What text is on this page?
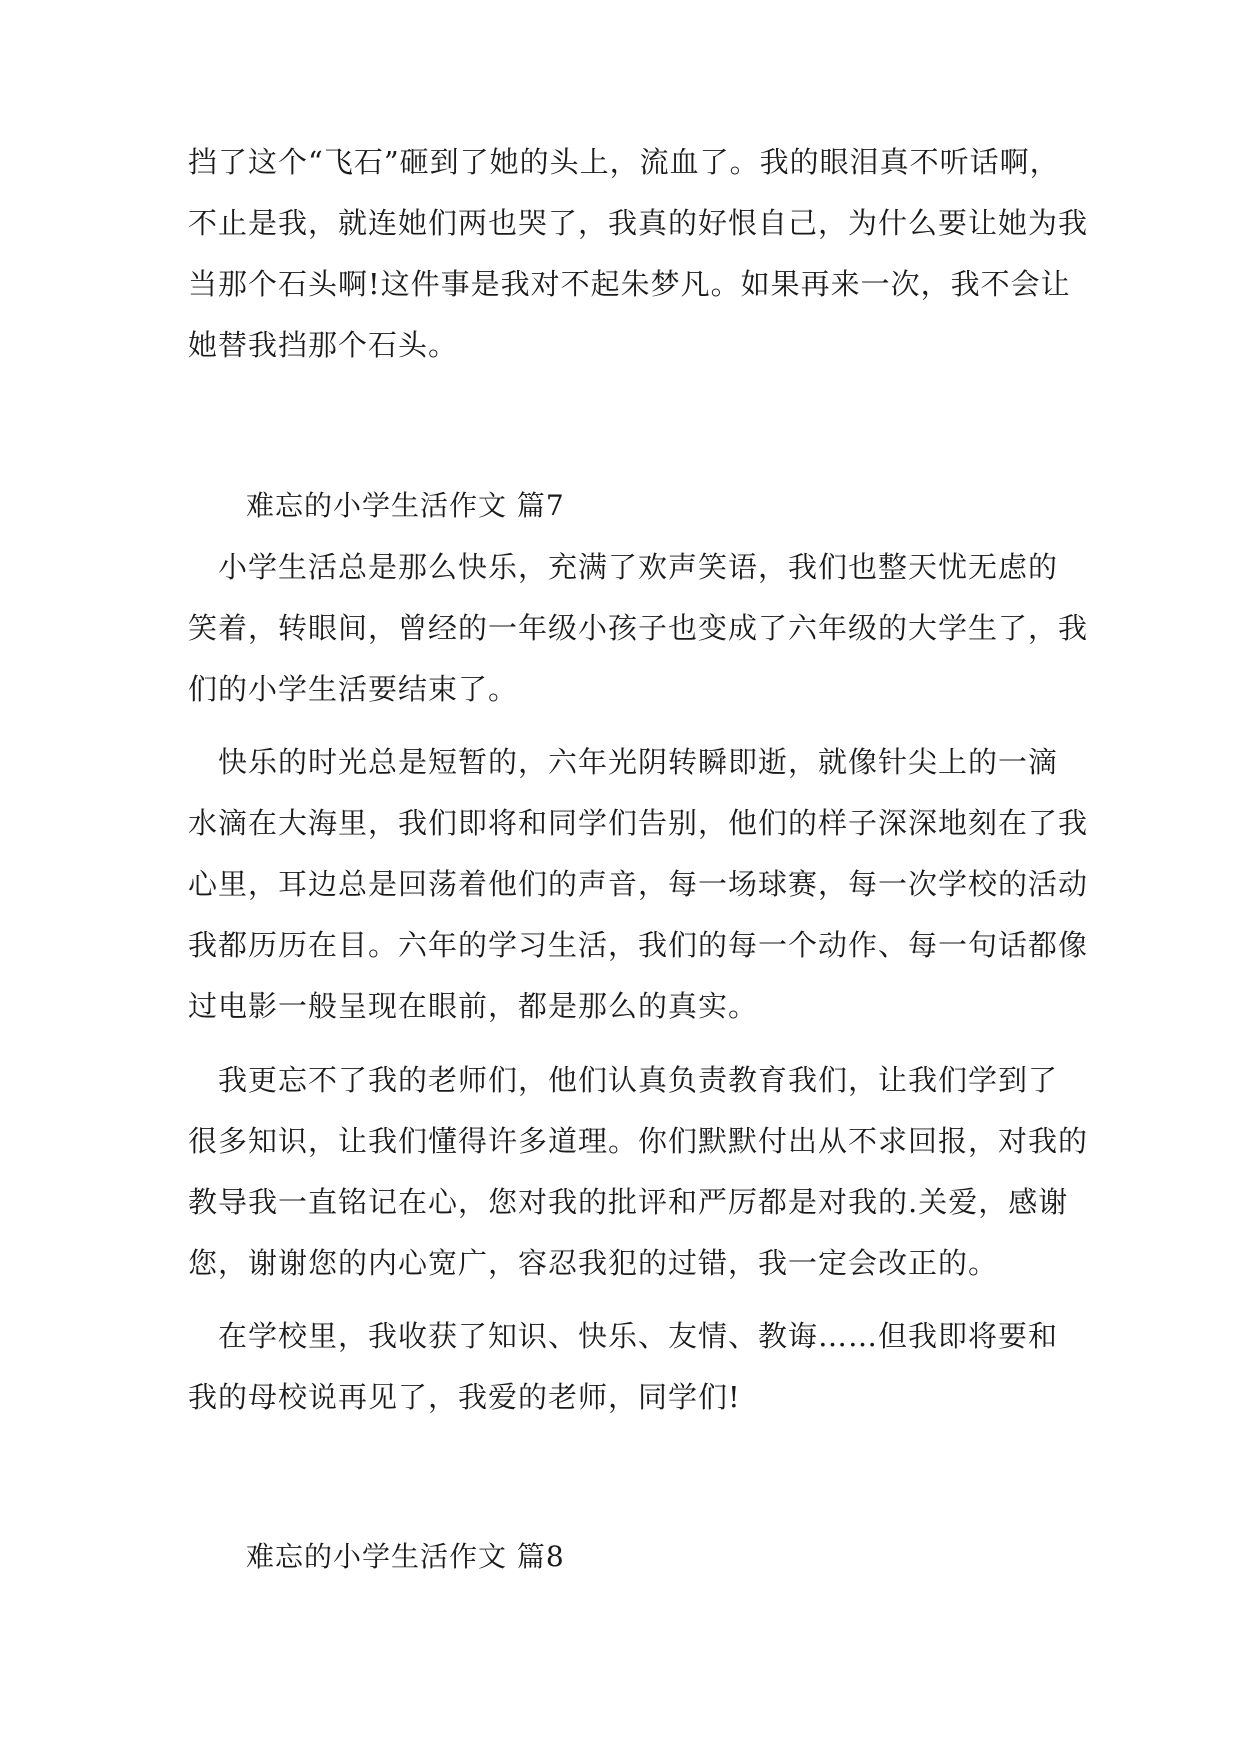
挡了这个“飞石”砸到了她的头上，流血了。我的眼泪真不听话啊，
不止是我，就连她们两也哭了，我真的好恨自己，为什么要让她为我
当那个石头啊!这件事是我对不起朱梦凡。如果再来一次，我不会让
她替我挡那个石头。
难忘的小学生活作文 篇7
　小学生活总是那么快乐，充满了欢声笑语，我们也整天忧无虑的
笑着，转眼间，曾经的一年级小孩子也变成了六年级的大学生了，我
们的小学生活要结束了。
　快乐的时光总是短暂的，六年光阴转瞬即逝，就像针尖上的一滴
水滴在大海里，我们即将和同学们告别，他们的样子深深地刻在了我
心里，耳边总是回荡着他们的声音，每一场球赛，每一次学校的活动
我都历历在目。六年的学习生活，我们的每一个动作、每一句话都像
过电影一般呈现在眼前，都是那么的真实。
　我更忘不了我的老师们，他们认真负责教育我们，让我们学到了
很多知识，让我们懂得许多道理。你们默默付出从不求回报，对我的
教导我一直铭记在心，您对我的批评和严厉都是对我的.关爱，感谢
您，谢谢您的内心宽广，容忍我犯的过错，我一定会改正的。
　在学校里，我收获了知识、快乐、友情、教诲……但我即将要和
我的母校说再见了，我爱的老师，同学们!
难忘的小学生活作文 篇8
